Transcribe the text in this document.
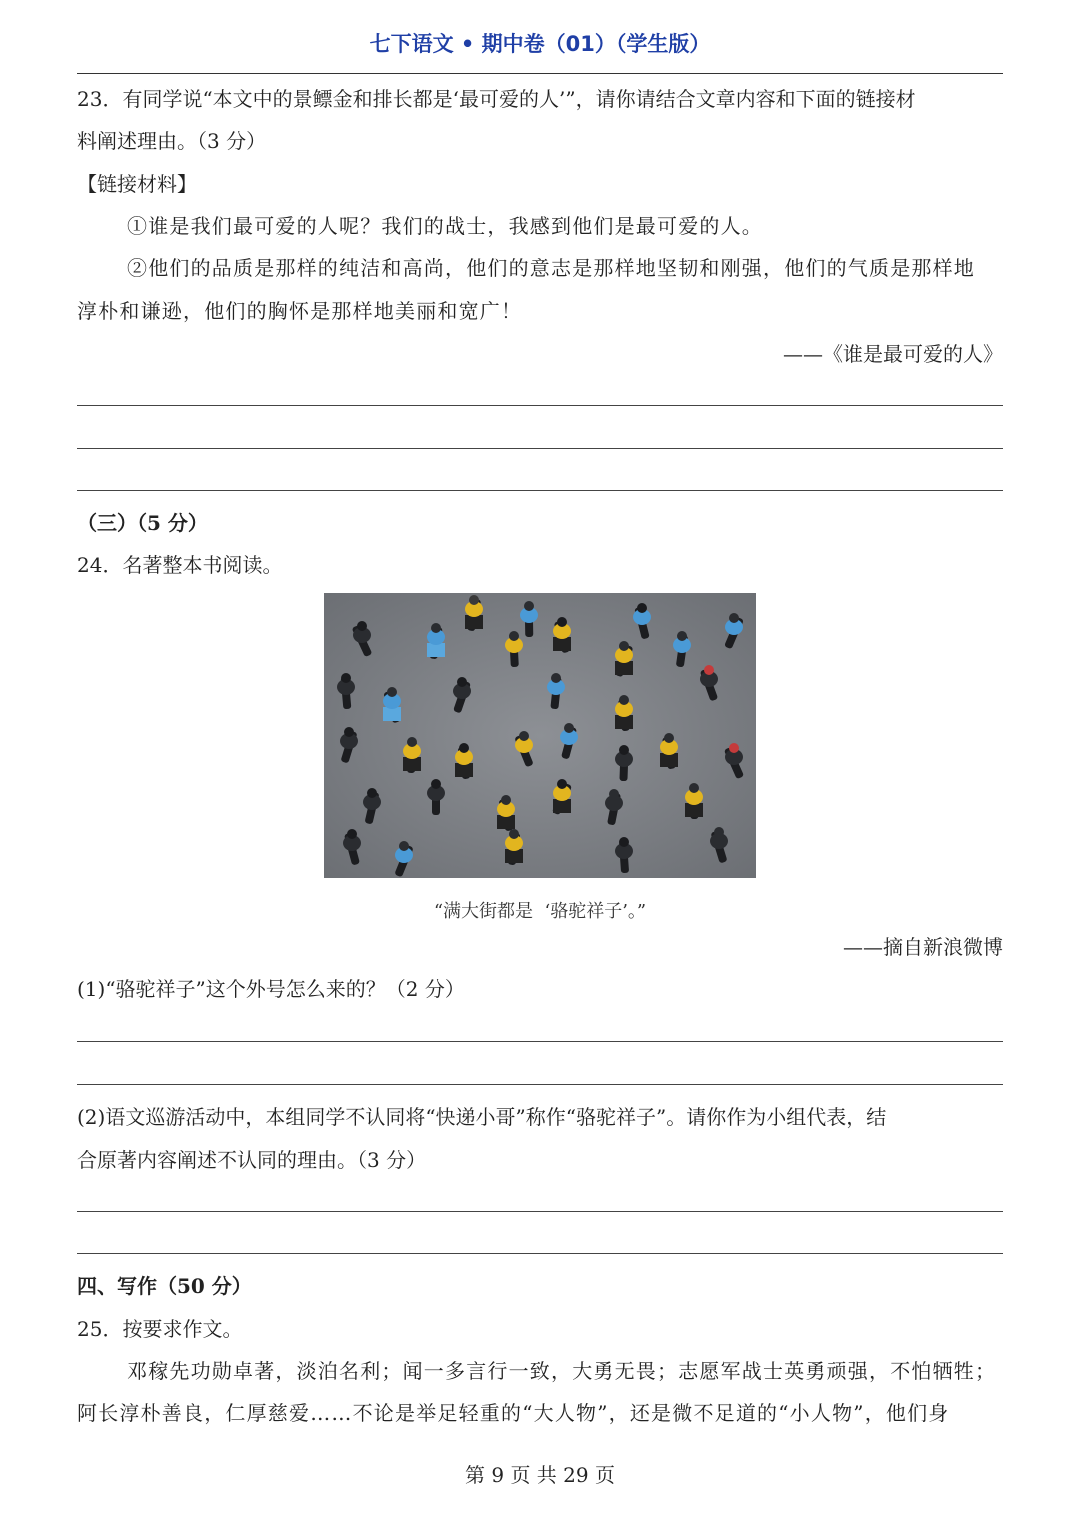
七下语文 • 期中卷（01）（学生版）
23．有同学说“本文中的景鳔金和排长都是‘最可爱的人’”，请你请结合文章内容和下面的链接材
料阐述理由。（3 分）
【链接材料】
①谁是我们最可爱的人呢？我们的战士，我感到他们是最可爱的人。
②他们的品质是那样的纯洁和高尚，他们的意志是那样地坚韧和刚强，他们的气质是那样地
淳朴和谦逊，他们的胸怀是那样地美丽和宽广！
——《谁是最可爱的人》
（三）（5 分）
24．名著整本书阅读。
“满大街都是  ‘骆驼祥子’。”
——摘自新浪微博
(1)“骆驼祥子”这个外号怎么来的？（2 分）
(2)语文巡游活动中，本组同学不认同将“快递小哥”称作“骆驼祥子”。请你作为小组代表，结
合原著内容阐述不认同的理由。（3 分）
四、写作（50 分）
25．按要求作文。
邓稼先功勋卓著，淡泊名利；闻一多言行一致，大勇无畏；志愿军战士英勇顽强，不怕牺牲；
阿长淳朴善良，仁厚慈爱……不论是举足轻重的“大人物”，还是微不足道的“小人物”，他们身
第 9 页 共 29 页
